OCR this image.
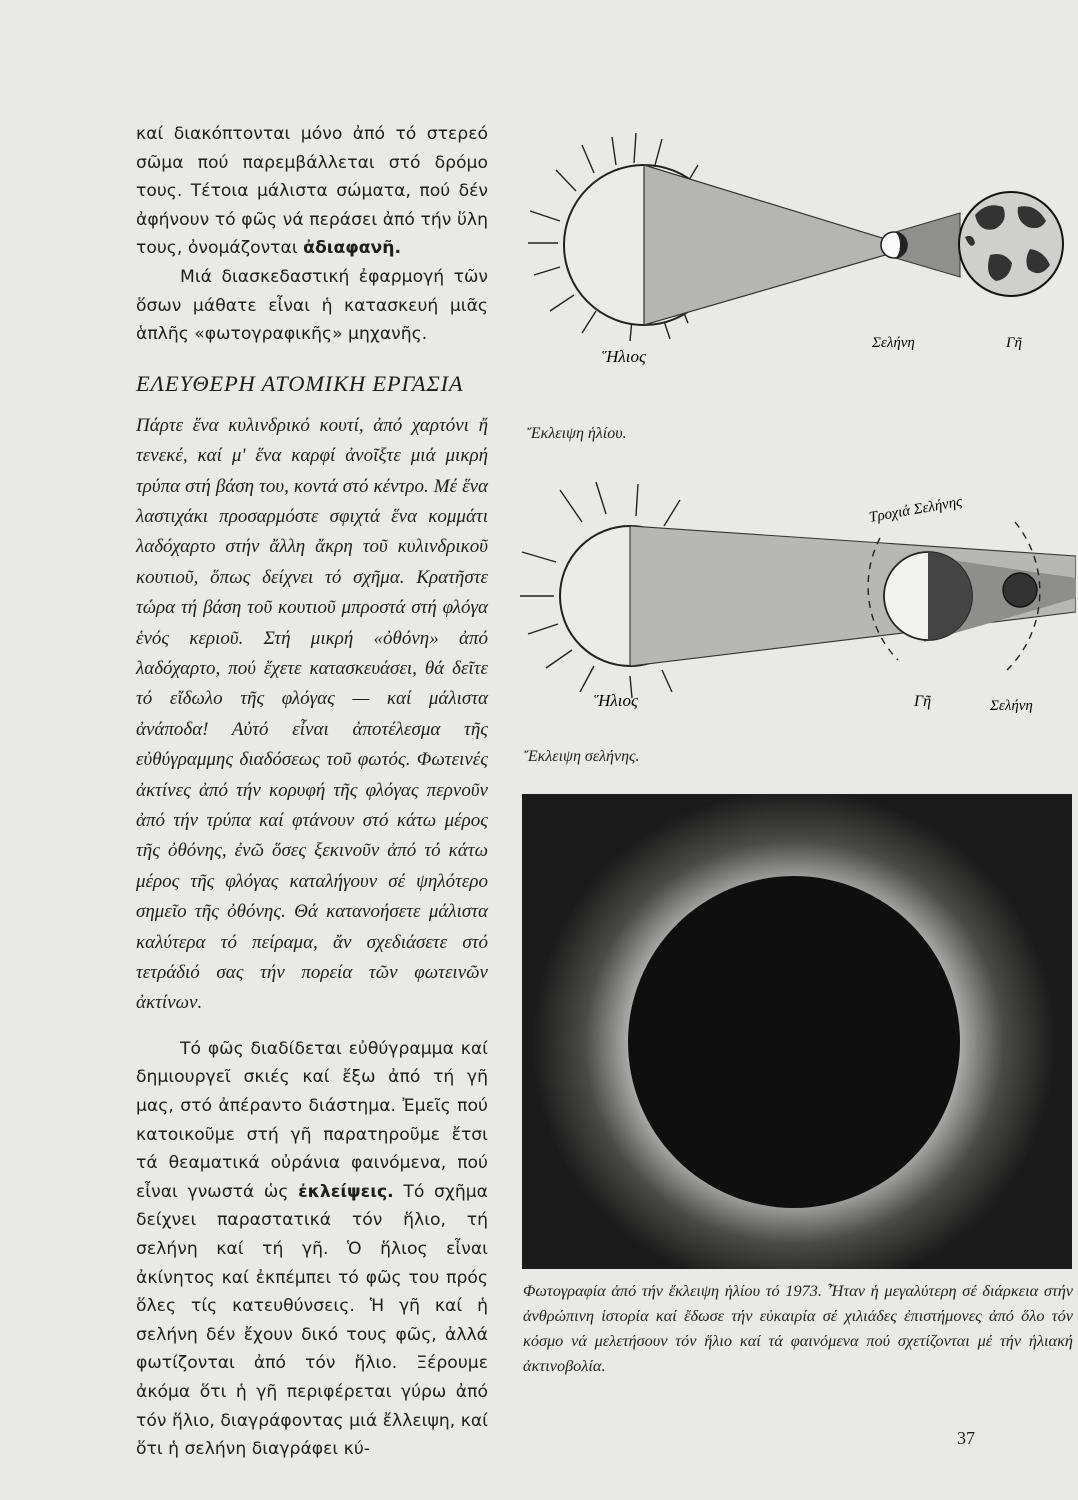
καί διακόπτονται μόνο ἀπό τό στερεό σῶμα πού παρεμβάλλεται στό δρόμο τους. Τέτοια μάλιστα σώματα, πού δέν ἀφήνουν τό φῶς νά περάσει ἀπό τήν ὕλη τους, ὀνομάζονται ἀδιαφανῆ.

Μιά διασκεδαστική ἐφαρμογή τῶν ὅσων μάθατε εἶναι ἡ κατασκευή μιᾶς ἁπλῆς «φωτογραφικῆς» μηχανῆς.

ΕΛΕΥΘΕΡΗ ΑΤΟΜΙΚΗ ΕΡΓΑΣΙΑ

Πάρτε ἕνα κυλινδρικό κουτί, ἀπό χαρτόνι ἤ τενεκέ, καί μ' ἕνα καρφί ἀνοῖξτε μιά μικρή τρύπα στή βάση του, κοντά στό κέντρο. Μέ ἕνα λαστιχάκι προσαρμόστε σφιχτά ἕνα κομμάτι λαδόχαρτο στήν ἄλλη ἄκρη τοῦ κυλινδρικοῦ κουτιοῦ, ὅπως δείχνει τό σχῆμα. Κρατῆστε τώρα τή βάση τοῦ κουτιοῦ μπροστά στή φλόγα ἑνός κεριοῦ. Στή μικρή «ὀθόνη» ἀπό λαδόχαρτο, πού ἔχετε κατασκευάσει, θά δεῖτε τό εἴδωλο τῆς φλόγας — καί μάλιστα ἀνάποδα! Αὐτό εἶναι ἀποτέλεσμα τῆς εὐθύγραμμης διαδόσεως τοῦ φωτός. Φωτεινές ἀκτίνες ἀπό τήν κορυφή τῆς φλόγας περνοῦν ἀπό τήν τρύπα καί φτάνουν στό κάτω μέρος τῆς ὀθόνης, ἐνῶ ὅσες ξεκινοῦν ἀπό τό κάτω μέρος τῆς φλόγας καταλήγουν σέ ψηλότερο σημεῖο τῆς ὀθόνης. Θά κατανοήσετε μάλιστα καλύτερα τό πείραμα, ἄν σχεδιάσετε στό τετράδιό σας τήν πορεία τῶν φωτεινῶν ἀκτίνων.

Τό φῶς διαδίδεται εὐθύγραμμα καί δημιουργεῖ σκιές καί ἔξω ἀπό τή γῆ μας, στό ἀπέραντο διάστημα. Ἐμεῖς πού κατοικοῦμε στή γῆ παρατηροῦμε ἔτσι τά θεαματικά οὐράνια φαινόμενα, πού εἶναι γνωστά ὡς ἐκλείψεις. Τό σχῆμα δείχνει παραστατικά τόν ἥλιο, τή σελήνη καί τή γῆ. Ὁ ἥλιος εἶναι ἀκίνητος καί ἐκπέμπει τό φῶς του πρός ὅλες τίς κατευθύνσεις. Ἡ γῆ καί ἡ σελήνη δέν ἔχουν δικό τους φῶς, ἀλλά φωτίζονται ἀπό τόν ἥλιο. Ξέρουμε ἀκόμα ὅτι ἡ γῆ περιφέρεται γύρω ἀπό τόν ἥλιο, διαγράφοντας μιά ἔλλειψη, καί ὅτι ἡ σελήνη διαγράφει κύ-

Ἥλιος
Σελήνη	Γῆ
Ἔκλειψη ἡλίου.
Τροχιά Σελήνης
Ἥλιος	Γῆ	Σελήνη
Ἔκλειψη σελήνης.

Φωτογραφία ἀπό τήν ἔκλειψη ἡλίου τό 1973. Ἦταν ἡ μεγαλύτερη σέ διάρκεια στήν ἀνθρώπινη ἱστορία καί ἔδωσε τήν εὐκαιρία σέ χιλιάδες ἐπιστήμονες ἀπό ὅλο τόν κόσμο νά μελετήσουν τόν ἥλιο καί τά φαινόμενα πού σχετίζονται μέ τήν ἡλιακή ἀκτινοβολία.

37
